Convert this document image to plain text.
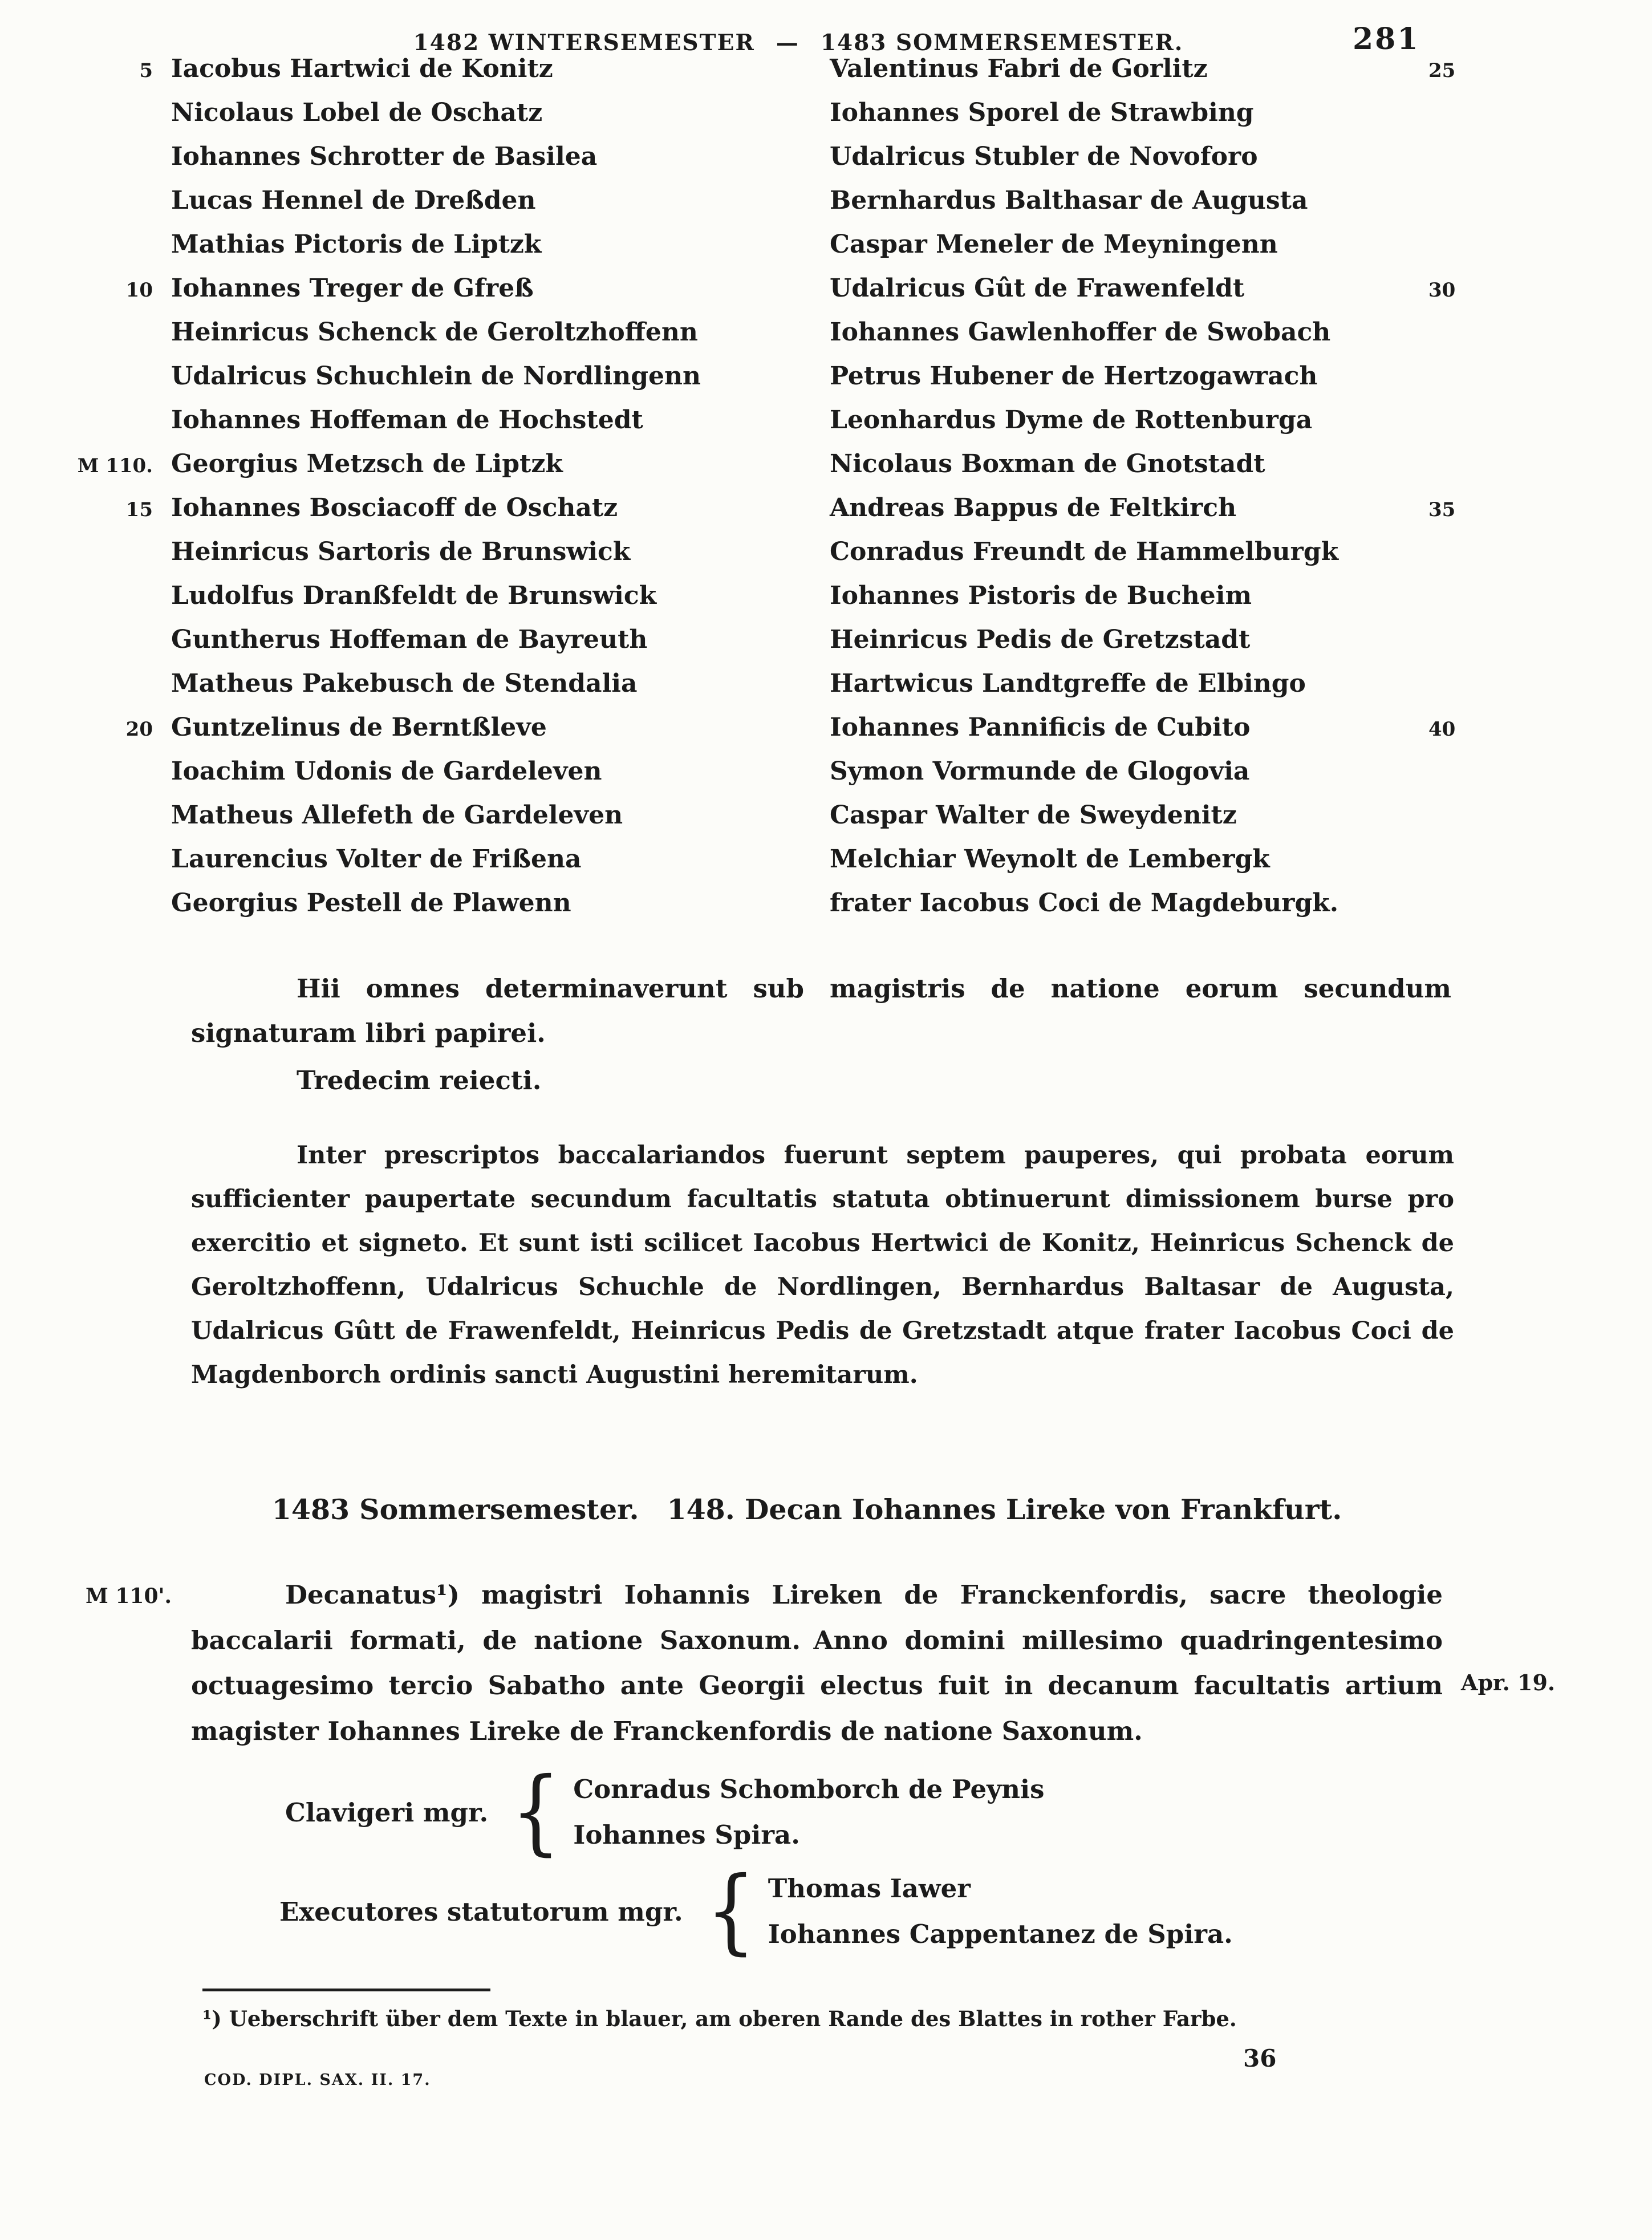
1482 WINTERSEMESTER  —  1483 SOMMERSEMESTER.	281
5 Iacobus Hartwici de Konitz
Nicolaus Lobel de Oschatz
Iohannes Schrotter de Basilea
Lucas Hennel de Dreßden
Mathias Pictoris de Liptzk
10 Iohannes Treger de Gfreß
Heinricus Schenck de Geroltzhoffenn
Udalricus Schuchlein de Nordlingenn
Iohannes Hoffeman de Hochstedt
M 110. Georgius Metzsch de Liptzk
15 Iohannes Bosciacoff de Oschatz
Heinricus Sartoris de Brunswick
Ludolfus Dranßfeldt de Brunswick
Guntherus Hoffeman de Bayreuth
Matheus Pakebusch de Stendalia
20 Guntzelinus de Berntßleve
Ioachim Udonis de Gardeleven
Matheus Allefeth de Gardeleven
Laurencius Volter de Frißena
Georgius Pestell de Plawenn
Valentinus Fabri de Gorlitz	25
Iohannes Sporel de Strawbing
Udalricus Stubler de Novoforo
Bernhardus Balthasar de Augusta
Caspar Meneler de Meyningenn
Udalricus Gût de Frawenfeldt	30
Iohannes Gawlenhoffer de Swobach
Petrus Hubener de Hertzogawrach
Leonhardus Dyme de Rottenburga
Nicolaus Boxman de Gnotstadt
Andreas Bappus de Feltkirch	35
Conradus Freundt de Hammelburgk
Iohannes Pistoris de Bucheim
Heinricus Pedis de Gretzstadt
Hartwicus Landtgreffe de Elbingo
Iohannes Pannificis de Cubito	40
Symon Vormunde de Glogovia
Caspar Walter de Sweydenitz
Melchiar Weynolt de Lembergk
frater Iacobus Coci de Magdeburgk.

Hii omnes determinaverunt sub magistris de natione eorum secundum signaturam libri papirei.

Tredecim reiecti.

Inter prescriptos baccalariandos fuerunt septem pauperes, qui probata eorum sufficienter paupertate secundum facultatis statuta obtinuerunt dimissionem burse pro exercitio et signeto. Et sunt isti scilicet Iacobus Hertwici de Konitz, Heinricus Schenck de Geroltzhoffenn, Udalricus Schuchle de Nordlingen, Bernhardus Baltasar de Augusta, Udalricus Gûtt de Frawenfeldt, Heinricus Pedis de Gretzstadt atque frater Iacobus Coci de Magdenborch ordinis sancti Augustini heremitarum.

1483 Sommersemester. 148. Decan Iohannes Lireke von Frankfurt.
M 110'.
Apr. 19.

Decanatus¹) magistri Iohannis Lireken de Franckenfordis, sacre theologie baccalarii formati, de natione Saxonum. Anno domini millesimo quadringentesimo octuagesimo tercio Sabatho ante Georgii electus fuit in decanum facultatis artium magister Iohannes Lireke de Franckenfordis de natione Saxonum.

Clavigeri mgr. { Conradus Schomborch de Peynis
Iohannes Spira.
Executores statutorum mgr. { Thomas Iawer
Iohannes Cappentanez de Spira.

¹) Ueberschrift über dem Texte in blauer, am oberen Rande des Blattes in rother Farbe.

COD. DIPL. SAX. II. 17.
36
